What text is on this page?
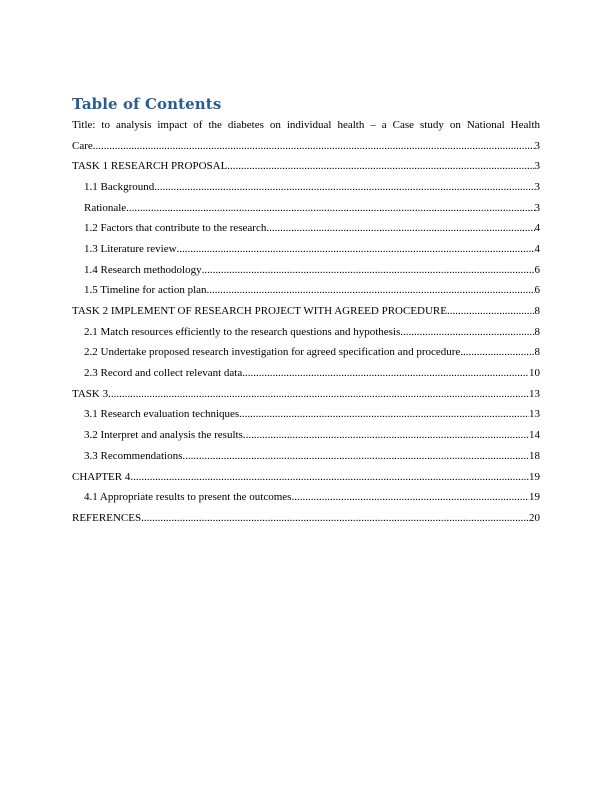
Table of Contents
Title: to analysis impact of the diabetes on individual health – a Case study on National Health
Care .....	3
TASK 1 RESEARCH PROPOSAL .....	3
1.1 Background .....	3
Rationale .....	3
1.2 Factors that contribute to the research .....	4
1.3 Literature review .....	4
1.4 Research methodology .....	6
1.5 Timeline for action plan .....	6
TASK 2 IMPLEMENT OF RESEARCH PROJECT WITH AGREED PROCEDURE .....	8
2.1 Match resources efficiently to the research questions and hypothesis .....	8
2.2 Undertake proposed research investigation for agreed specification and procedure .....	8
2.3 Record and collect relevant data .....	10
TASK 3 .....	13
3.1 Research evaluation techniques .....	13
3.2 Interpret and analysis the results .....	14
3.3 Recommendations .....	18
CHAPTER 4 .....	19
4.1 Appropriate results to present the outcomes .....	19
REFERENCES .....	20
